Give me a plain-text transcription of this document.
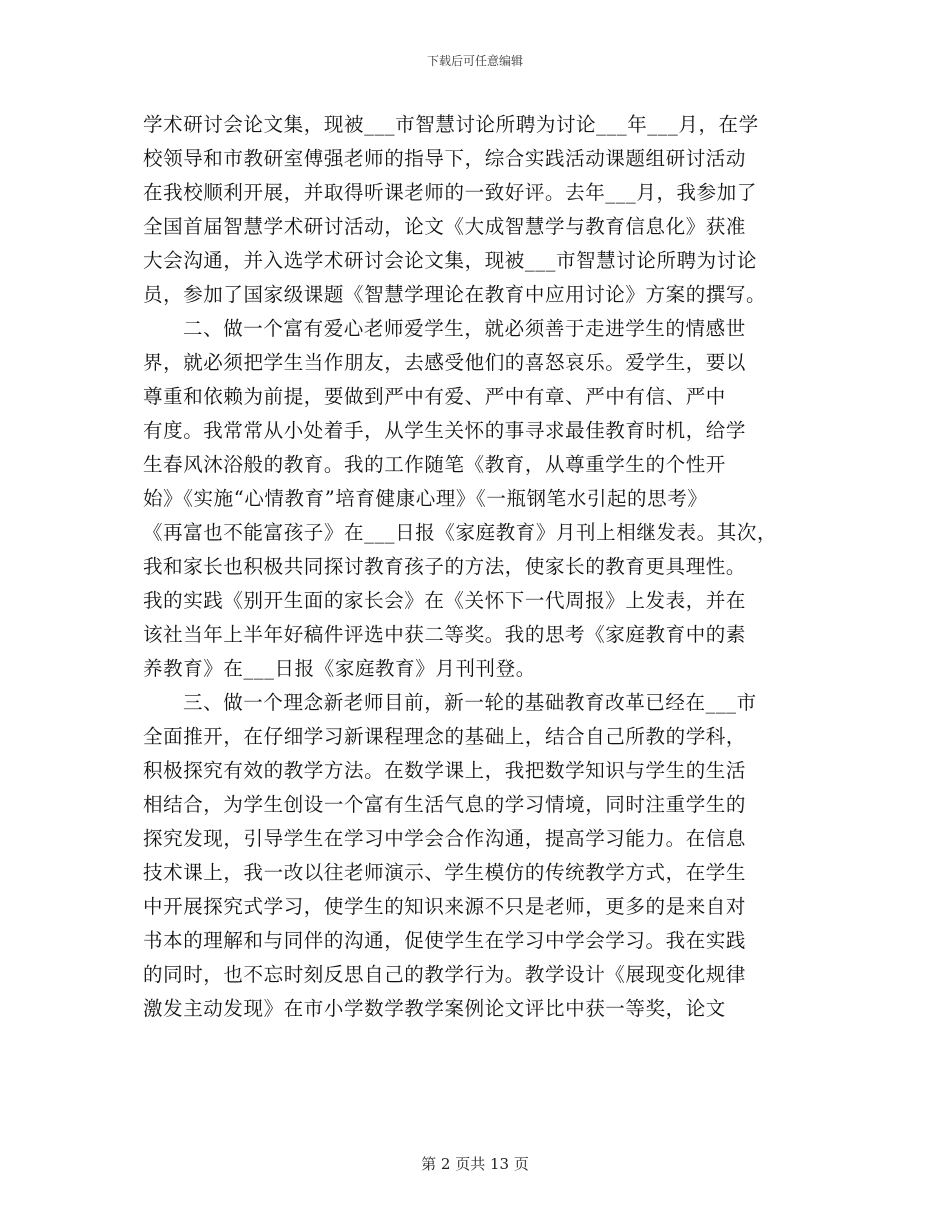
下载后可任意编辑
学术研讨会论文集，现被___市智慧讨论所聘为讨论___年___月，在学
校领导和市教研室傅强老师的指导下，综合实践活动课题组研讨活动
在我校顺利开展，并取得听课老师的一致好评。去年___月，我参加了
全国首届智慧学术研讨活动，论文《大成智慧学与教育信息化》获准
大会沟通，并入选学术研讨会论文集，现被___市智慧讨论所聘为讨论
员，参加了国家级课题《智慧学理论在教育中应用讨论》方案的撰写。
二、做一个富有爱心老师爱学生，就必须善于走进学生的情感世
界，就必须把学生当作朋友，去感受他们的喜怒哀乐。爱学生，要以
尊重和依赖为前提，要做到严中有爱、严中有章、严中有信、严中
有度。我常常从小处着手，从学生关怀的事寻求最佳教育时机，给学
生春风沐浴般的教育。我的工作随笔《教育，从尊重学生的个性开
始》《实施“心情教育”培育健康心理》《一瓶钢笔水引起的思考》
《再富也不能富孩子》在___日报《家庭教育》月刊上相继发表。其次，
我和家长也积极共同探讨教育孩子的方法，使家长的教育更具理性。
我的实践《别开生面的家长会》在《关怀下一代周报》上发表，并在
该社当年上半年好稿件评选中获二等奖。我的思考《家庭教育中的素
养教育》在___日报《家庭教育》月刊刊登。
三、做一个理念新老师目前，新一轮的基础教育改革已经在___市
全面推开，在仔细学习新课程理念的基础上，结合自己所教的学科，
积极探究有效的教学方法。在数学课上，我把数学知识与学生的生活
相结合，为学生创设一个富有生活气息的学习情境，同时注重学生的
探究发现，引导学生在学习中学会合作沟通，提高学习能力。在信息
技术课上，我一改以往老师演示、学生模仿的传统教学方式，在学生
中开展探究式学习，使学生的知识来源不只是老师，更多的是来自对
书本的理解和与同伴的沟通，促使学生在学习中学会学习。我在实践
的同时，也不忘时刻反思自己的教学行为。教学设计《展现变化规律
激发主动发现》在市小学数学教学案例论文评比中获一等奖，论文
第 2 页共 13 页
